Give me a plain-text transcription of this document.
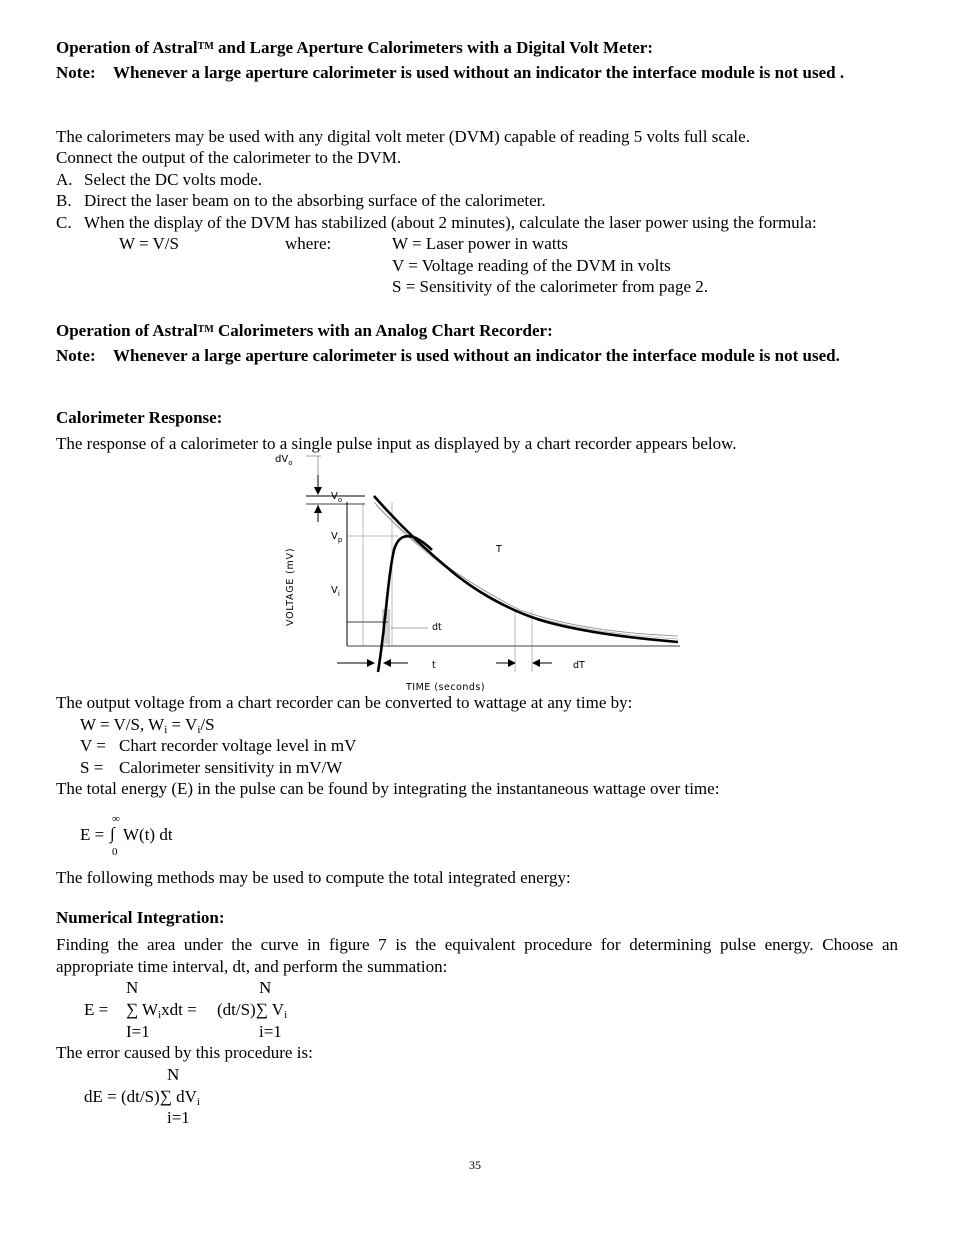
Operation of Astral™ and Large Aperture Calorimeters with a Digital Volt Meter:
Note: Whenever a large aperture calorimeter is used without an indicator the interface module is not used .
The calorimeters may be used with any digital volt meter (DVM) capable of reading 5 volts full scale.
Connect the output of the calorimeter to the DVM.
A. Select the DC volts mode.
B. Direct the laser beam on to the absorbing surface of the calorimeter.
C. When the display of the DVM has stabilized (about 2 minutes), calculate the laser power using the formula:
W = V/S	where:	W = Laser power in watts
V = Voltage reading of the DVM in volts
S = Sensitivity of the calorimeter from page 2.
Operation of Astral™ Calorimeters with an Analog Chart Recorder:
Note: Whenever a large aperture calorimeter is used without an indicator the interface module is not used.
Calorimeter Response:
The response of a calorimeter to a single pulse input as displayed by a chart recorder appears below.
$dV_o$
$V_o$
$V_p$
$V_i$
VOLTAGE (mV)
dt
T
t	dT
TIME (seconds)
The output voltage from a chart recorder can be converted to wattage at any time by:
W = V/S, $W_i = V_i/S$
V = Chart recorder voltage level in mV
S = Calorimeter sensitivity in mV/W
The total energy (E) in the pulse can be found by integrating the instantaneous wattage over time:
∞
E = ∫ W(t) dt
0
The following methods may be used to compute the total integrated energy:
Numerical Integration:
Finding the area under the curve in figure 7 is the equivalent procedure for determining pulse energy. Choose an appropriate time interval, dt, and perform the summation:
N	N
E = ∑ $W_ixdt = (dt/S)\sum$ $V_i$
I=1	i=1
The error caused by this procedure is:
N
dE = (dt/S)∑ $dV_i$
i=1
35
